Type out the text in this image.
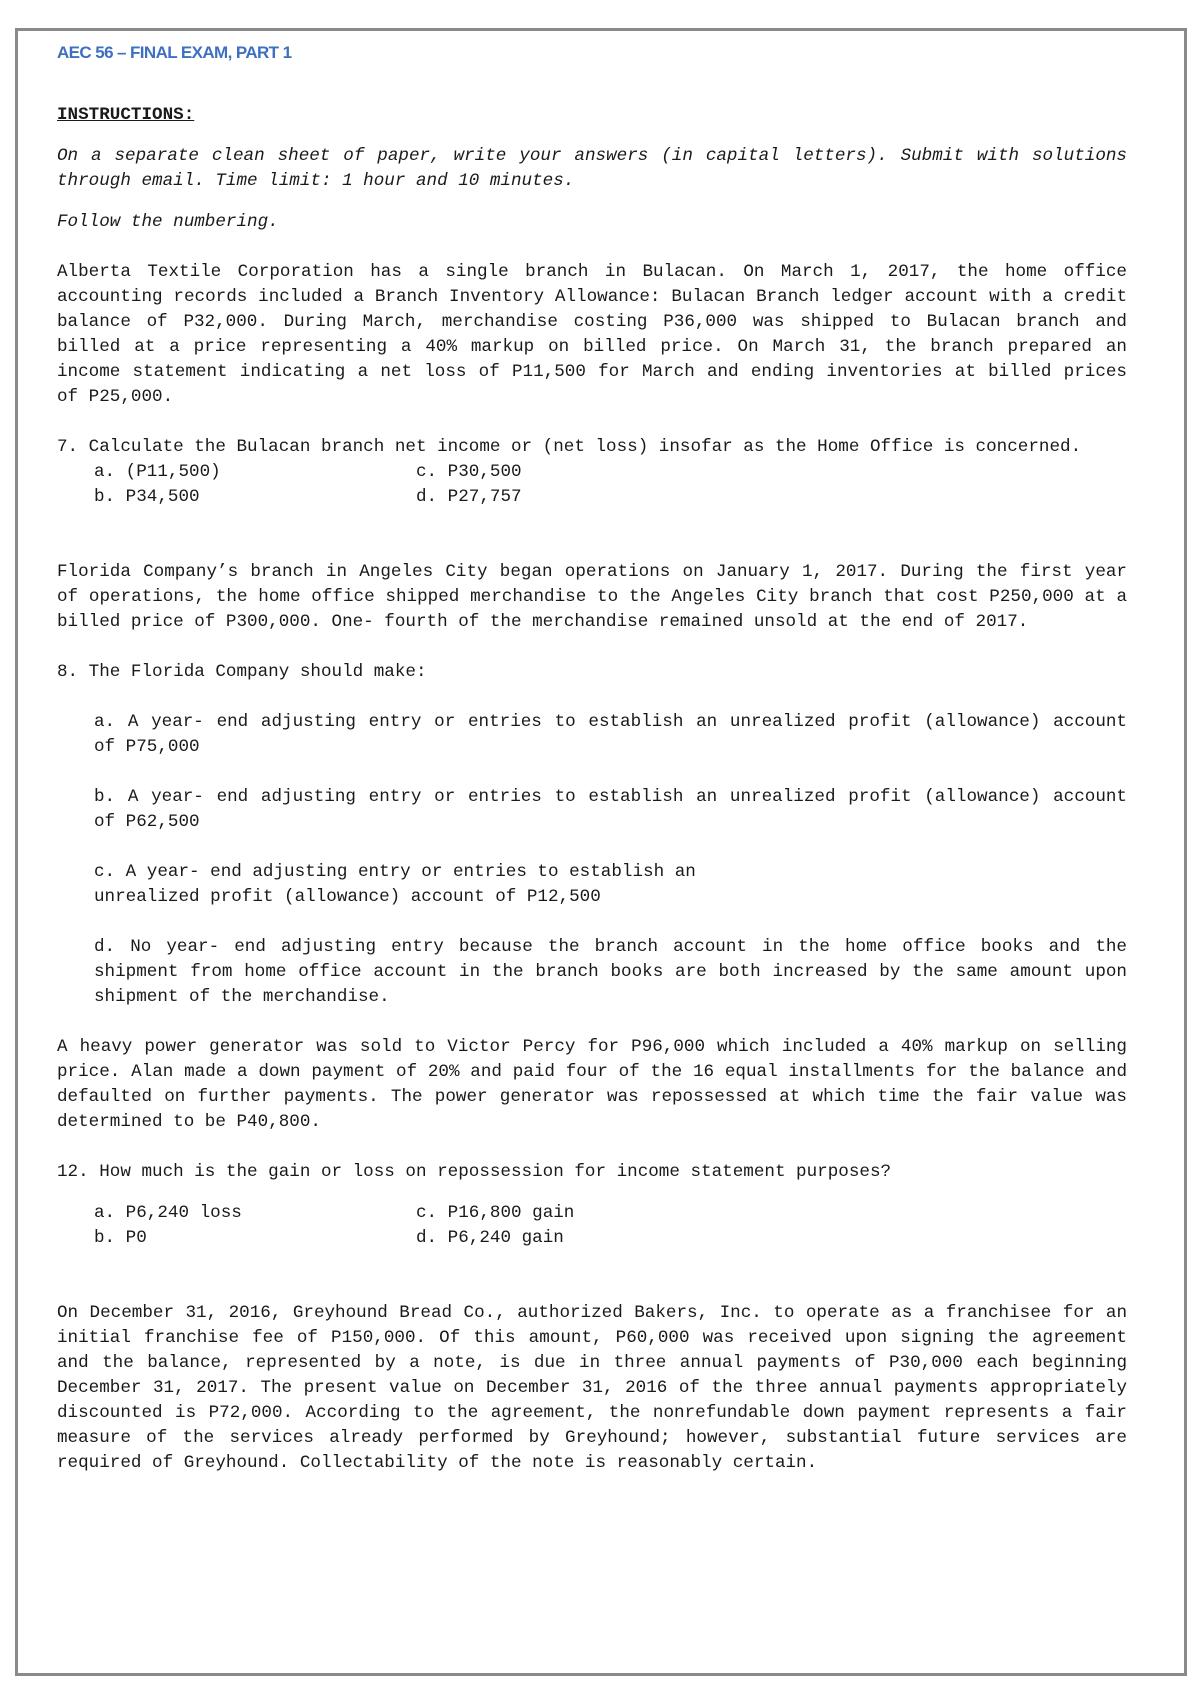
AEC 56 – FINAL EXAM, PART 1
INSTRUCTIONS:

On a separate clean sheet of paper, write your answers (in capital letters). Submit with solutions through email. Time limit: 1 hour and 10 minutes.

Follow the numbering.

Alberta Textile Corporation has a single branch in Bulacan. On March 1, 2017, the home office accounting records included a Branch Inventory Allowance: Bulacan Branch ledger account with a credit balance of P32,000. During March, merchandise costing P36,000 was shipped to Bulacan branch and billed at a price representing a 40% markup on billed price. On March 31, the branch prepared an income statement indicating a net loss of P11,500 for March and ending inventories at billed prices of P25,000.

7. Calculate the Bulacan branch net income or (net loss) insofar as the Home Office is concerned.

a. (P11,500)	c. P30,500
b. P34,500	d. P27,757

Florida Company’s branch in Angeles City began operations on January 1, 2017. During the first year of operations, the home office shipped merchandise to the Angeles City branch that cost P250,000 at a billed price of P300,000. One- fourth of the merchandise remained unsold at the end of 2017.

8. The Florida Company should make:

a. A year- end adjusting entry or entries to establish an unrealized profit (allowance) account of P75,000
b. A year- end adjusting entry or entries to establish an unrealized profit (allowance) account of P62,500
c. A year- end adjusting entry or entries to establish an unrealized profit (allowance) account of P12,500
d. No year- end adjusting entry because the branch account in the home office books and the shipment from home office account in the branch books are both increased by the same amount upon shipment of the merchandise.

A heavy power generator was sold to Victor Percy for P96,000 which included a 40% markup on selling price. Alan made a down payment of 20% and paid four of the 16 equal installments for the balance and defaulted on further payments. The power generator was repossessed at which time the fair value was determined to be P40,800.

12. How much is the gain or loss on repossession for income statement purposes?

a. P6,240 loss	c. P16,800 gain
b. P0	d. P6,240 gain

On December 31, 2016, Greyhound Bread Co., authorized Bakers, Inc. to operate as a franchisee for an initial franchise fee of P150,000. Of this amount, P60,000 was received upon signing the agreement and the balance, represented by a note, is due in three annual payments of P30,000 each beginning December 31, 2017. The present value on December 31, 2016 of the three annual payments appropriately discounted is P72,000. According to the agreement, the nonrefundable down payment represents a fair measure of the services already performed by Greyhound; however, substantial future services are required of Greyhound. Collectability of the note is reasonably certain.
